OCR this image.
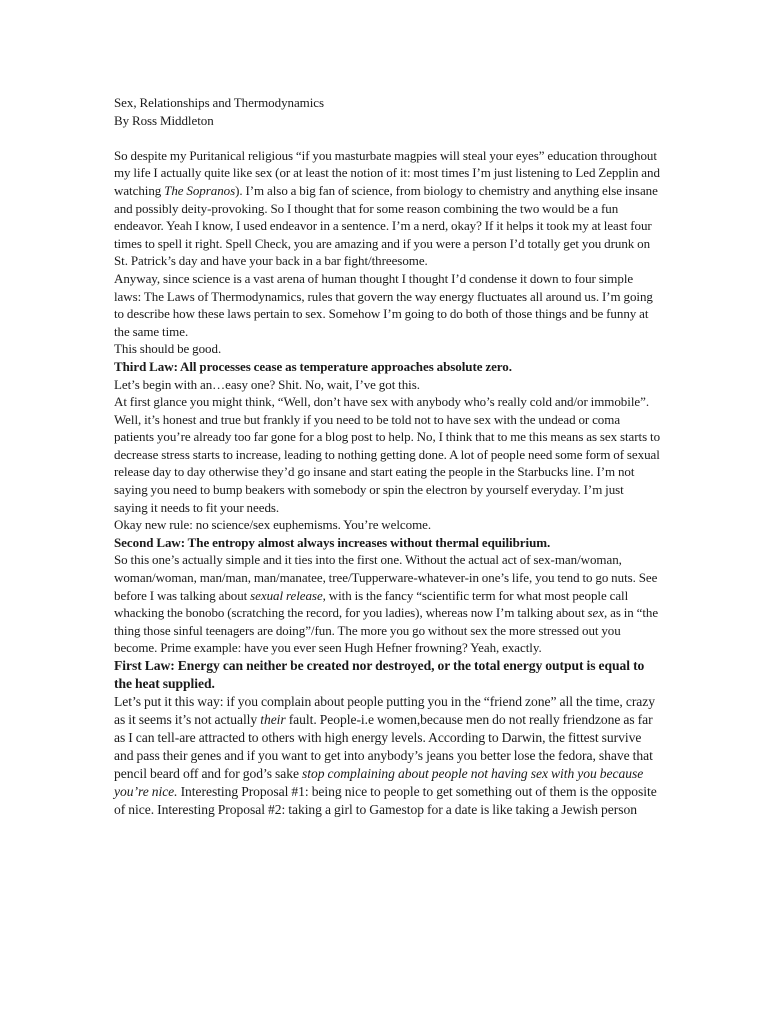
Sex, Relationships and Thermodynamics

By Ross Middleton

So despite my Puritanical religious “if you masturbate magpies will steal your eyes” education throughout my life I actually quite like sex (or at least the notion of it: most times I’m just listening to Led Zepplin and watching The Sopranos). I’m also a big fan of science, from biology to chemistry and anything else insane and possibly deity-provoking. So I thought that for some reason combining the two would be a fun endeavor. Yeah I know, I used endeavor in a sentence. I’m a nerd, okay? If it helps it took my at least four times to spell it right. Spell Check, you are amazing and if you were a person I’d totally get you drunk on St. Patrick’s day and have your back in a bar fight/threesome.

Anyway, since science is a vast arena of human thought I thought I’d condense it down to four simple laws: The Laws of Thermodynamics, rules that govern the way energy fluctuates all around us. I’m going to describe how these laws pertain to sex. Somehow I’m going to do both of those things and be funny at the same time.

This should be good.

Third Law: All processes cease as temperature approaches absolute zero.

Let’s begin with an…easy one? Shit. No, wait, I’ve got this.

At first glance you might think, “Well, don’t have sex with anybody who’s really cold and/or immobile”. Well, it’s honest and true but frankly if you need to be told not to have sex with the undead or coma patients you’re already too far gone for a blog post to help. No, I think that to me this means as sex starts to decrease stress starts to increase, leading to nothing getting done. A lot of people need some form of sexual release day to day otherwise they’d go insane and start eating the people in the Starbucks line. I’m not saying you need to bump beakers with somebody or spin the electron by yourself everyday. I’m just saying it needs to fit your needs.

Okay new rule: no science/sex euphemisms. You’re welcome.

Second Law: The entropy almost always increases without thermal equilibrium.

So this one’s actually simple and it ties into the first one. Without the actual act of sex-man/woman, woman/woman, man/man, man/manatee, tree/Tupperware-whatever-in one’s life, you tend to go nuts. See before I was talking about sexual release, with is the fancy “scientific term for what most people call whacking the bonobo (scratching the record, for you ladies), whereas now I’m talking about sex, as in “the thing those sinful teenagers are doing”/fun. The more you go without sex the more stressed out you become. Prime example: have you ever seen Hugh Hefner frowning? Yeah, exactly.

First Law: Energy can neither be created nor destroyed, or the total energy output is equal to the heat supplied.

Let’s put it this way: if you complain about people putting you in the “friend zone” all the time, crazy as it seems it’s not actually their fault. People-i.e women,because men do not really friendzone as far as I can tell-are attracted to others with high energy levels. According to Darwin, the fittest survive and pass their genes and if you want to get into anybody’s jeans you better lose the fedora, shave that pencil beard off and for god’s sake stop complaining about people not having sex with you because you’re nice. Interesting Proposal #1: being nice to people to get something out of them is the opposite of nice. Interesting Proposal #2: taking a girl to Gamestop for a date is like taking a Jewish person
